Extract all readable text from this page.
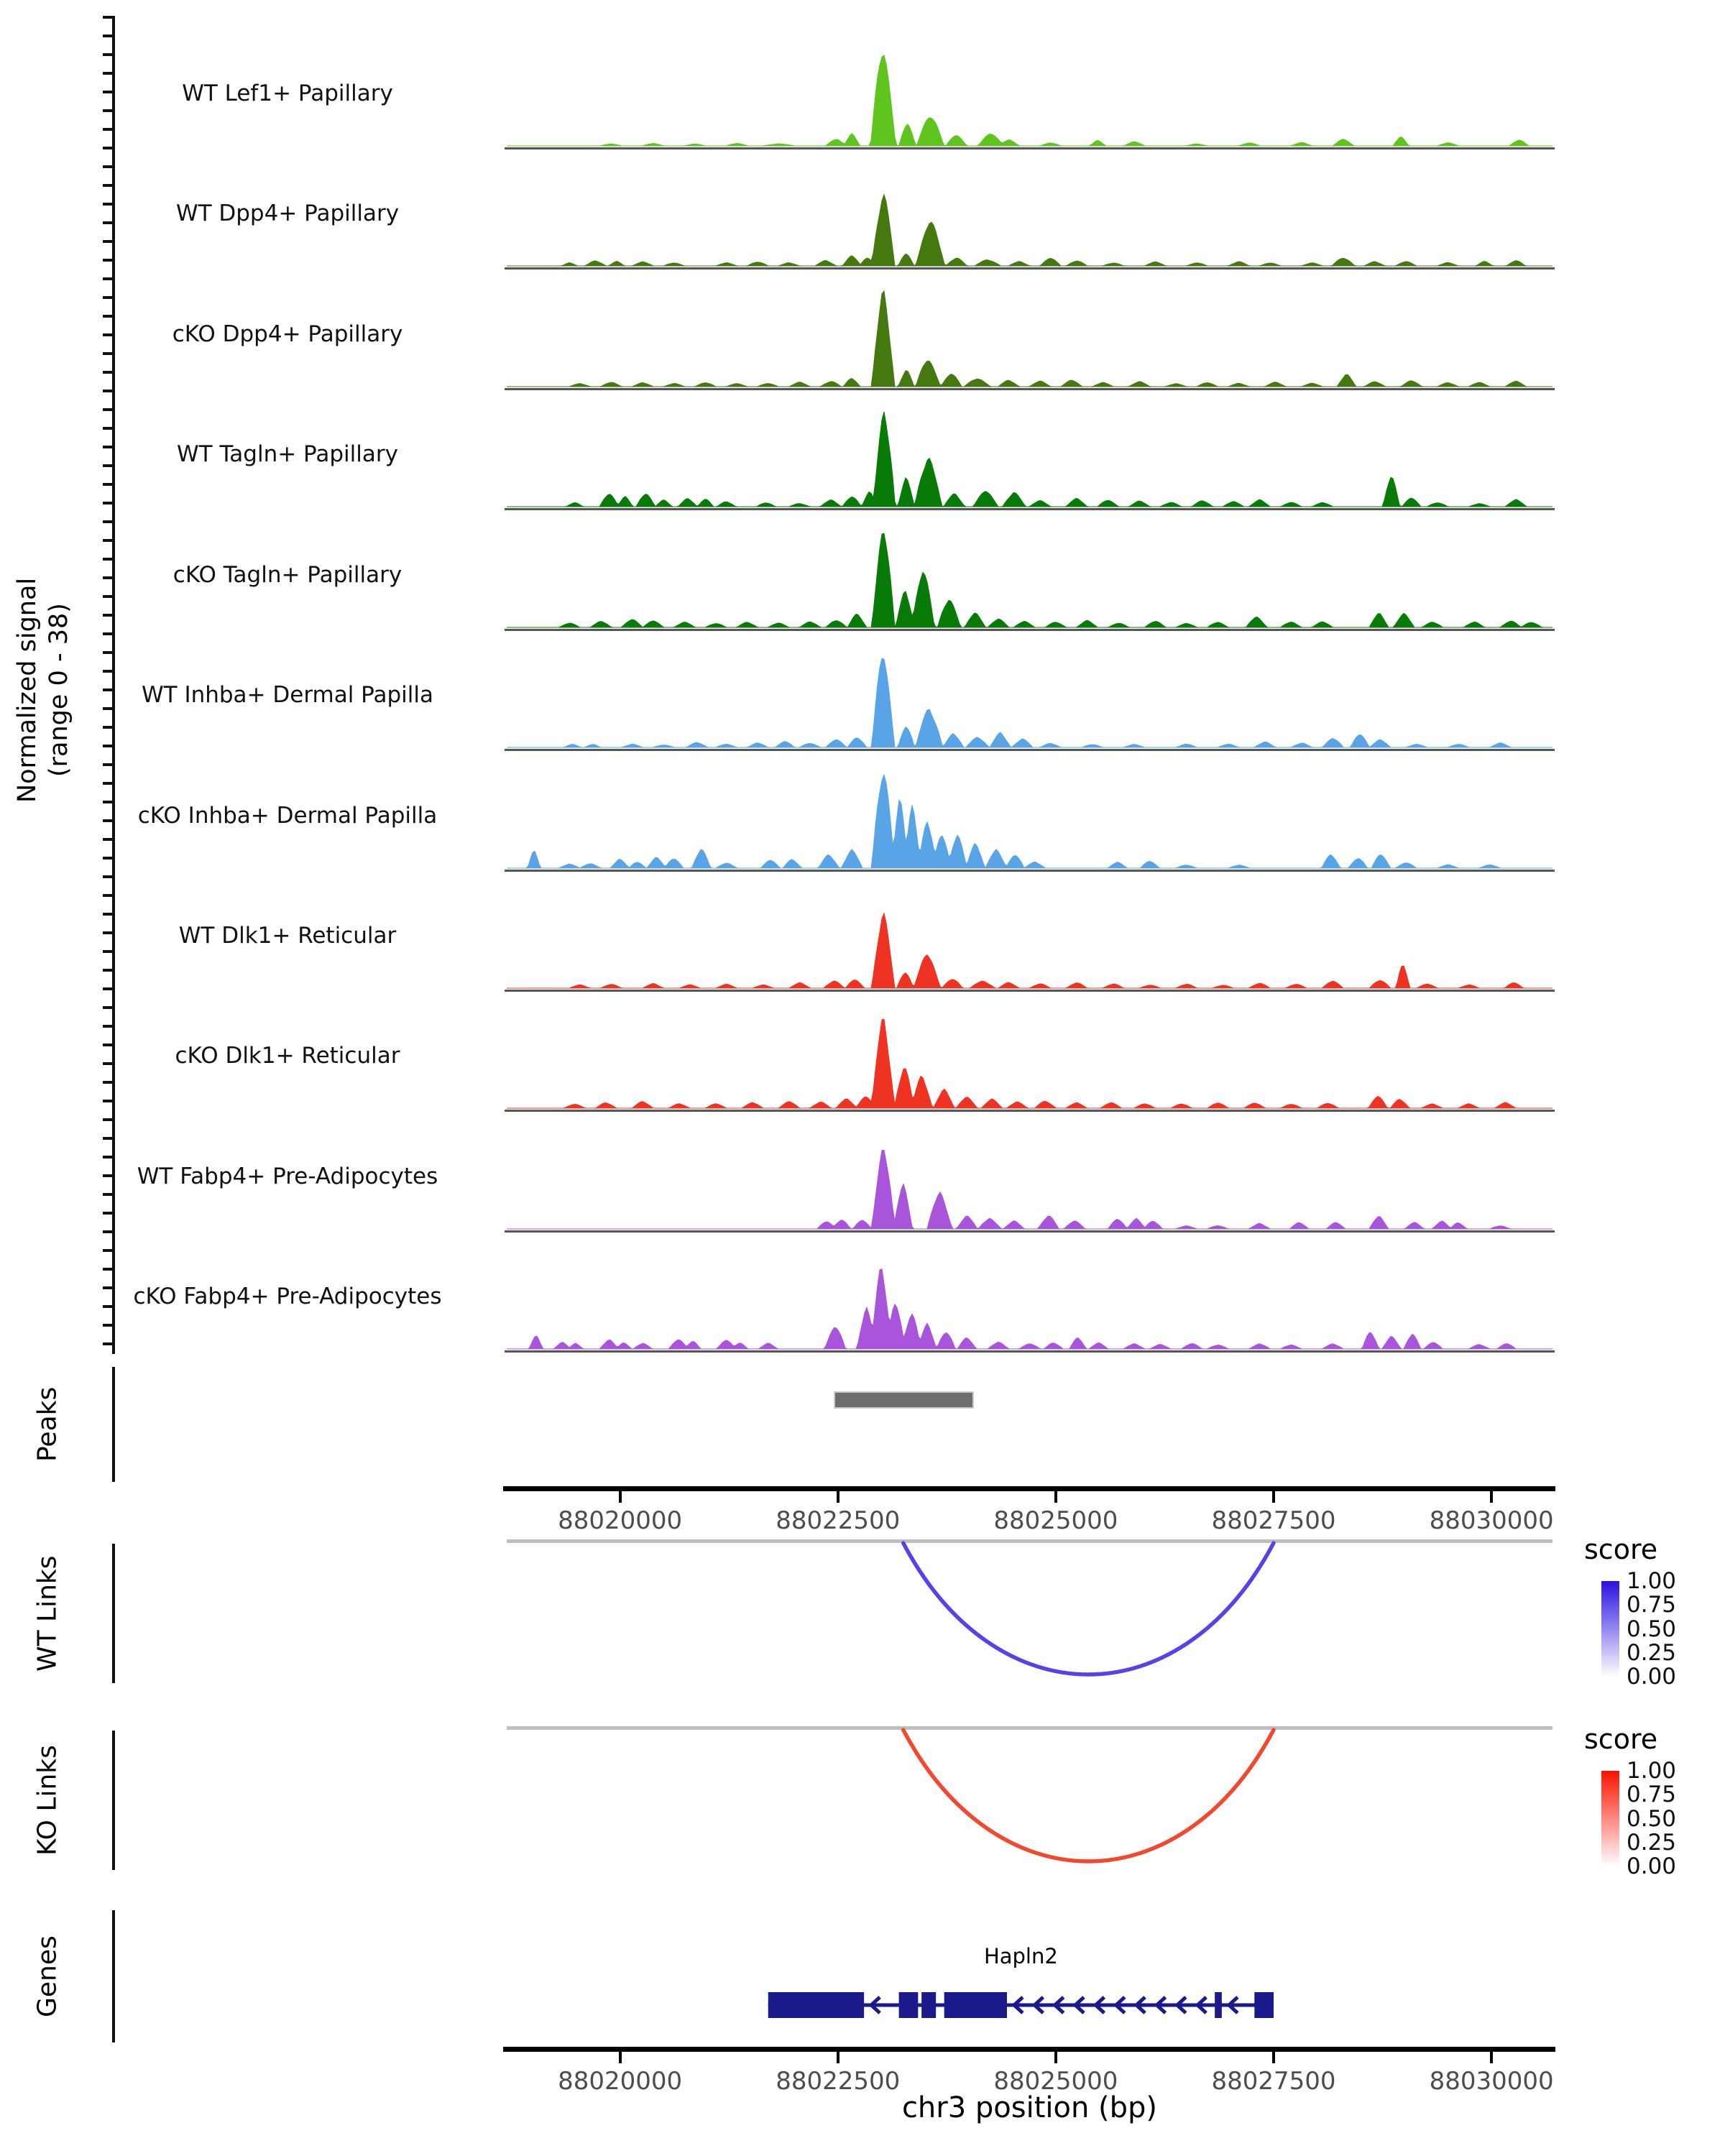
Normalized signal (range 0 - 38)
WT Lef1+ Papillary
WT Dpp4+ Papillary
cKO Dpp4+ Papillary
WT Tagln+ Papillary
cKO Tagln+ Papillary
WT Inhba+ Dermal Papilla
cKO Inhba+ Dermal Papilla
WT Dlk1+ Reticular
cKO Dlk1+ Reticular
WT Fabp4+ Pre-Adipocytes
cKO Fabp4+ Pre-Adipocytes
Peaks
88020000	88022500	88025000	88027500	88030000
WT Links
score
1.00
0.75
0.50
0.25
0.00
KO Links
score
1.00
0.75
0.50
0.25
0.00
Genes	Hapln2
88020000	88022500	88025000	88027500	88030000
chr3 position (bp)
